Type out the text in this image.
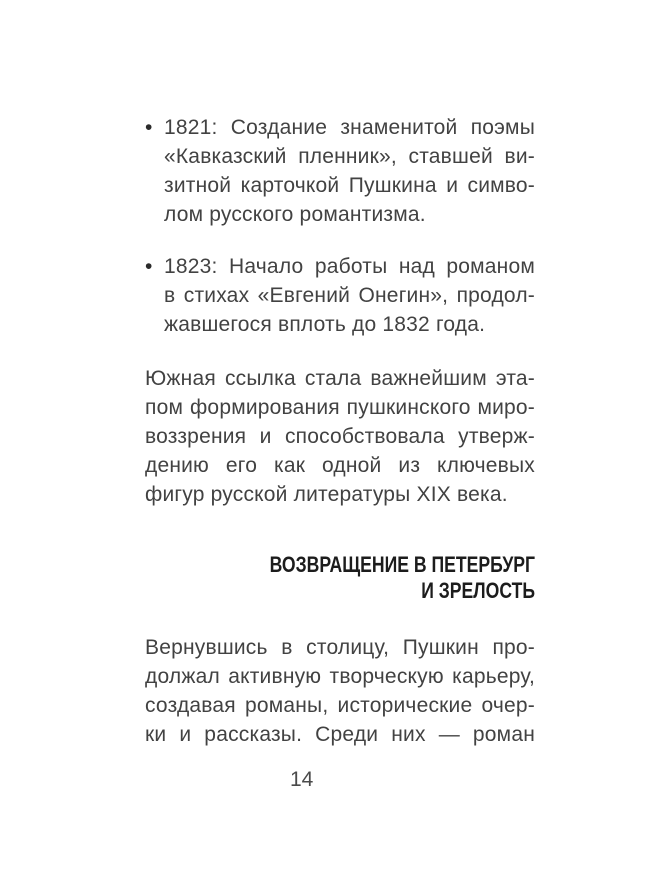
• 1821: Создание знаменитой поэмы
«Кавказский пленник», ставшей ви-
зитной карточкой Пушкина и симво-
лом русского романтизма.
• 1823: Начало работы над романом
в стихах «Евгений Онегин», продол-
жавшегося вплоть до 1832 года.
Южная ссылка стала важнейшим эта-
пом формирования пушкинского миро-
воззрения и способствовала утверж-
дению его как одной из ключевых
фигур русской литературы XIX века.
ВОЗВРАЩЕНИЕ В ПЕТЕРБУРГ
И ЗРЕЛОСТЬ
Вернувшись в столицу, Пушкин про-
должал активную творческую карьеру,
создавая романы, исторические очер-
ки и рассказы. Среди них — роман
14
